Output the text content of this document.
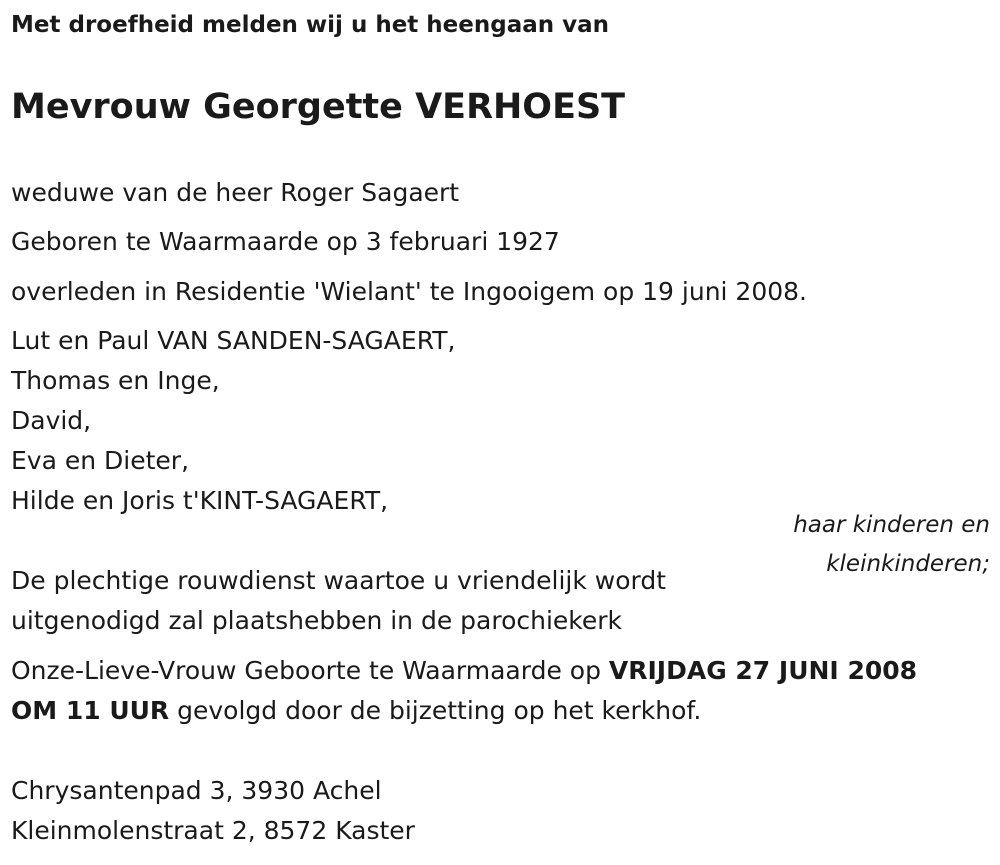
Met droefheid melden wij u het heengaan van
Mevrouw Georgette VERHOEST
weduwe van de heer Roger Sagaert
Geboren te Waarmaarde op 3 februari 1927
overleden in Residentie 'Wielant' te Ingooigem op 19 juni 2008.
Lut en Paul VAN SANDEN-SAGAERT,
Thomas en Inge,
David,
Eva en Dieter,
Hilde en Joris t'KINT-SAGAERT,
haar kinderen en
kleinkinderen;
De plechtige rouwdienst waartoe u vriendelijk wordt
uitgenodigd zal plaatshebben in de parochiekerk
Onze-Lieve-Vrouw Geboorte te Waarmaarde op VRIJDAG 27 JUNI 2008
OM 11 UUR gevolgd door de bijzetting op het kerkhof.
Chrysantenpad 3, 3930 Achel
Kleinmolenstraat 2, 8572 Kaster
